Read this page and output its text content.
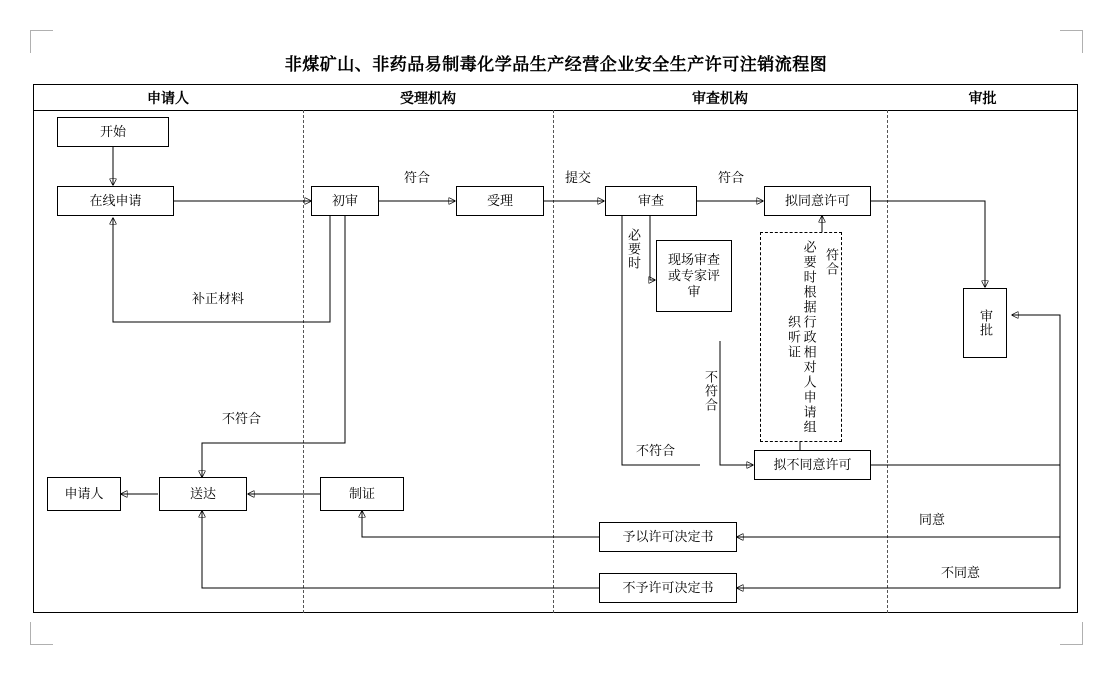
非煤矿山、非药品易制毒化学品生产经营企业安全生产许可注销流程图
申请人	受理机构	审查机构	审批
开始
在线申请	初审	受理	审查
现场审查或专家评审	必要时根据行政相对人申请组织听证
拟同意许可
拟不同意许可
审批
申请人	送达	制证
予以许可决定书
不予许可决定书
符合	提交	符合
必要时	符合
不符合
不符合
不符合
补正材料
同意
不同意
